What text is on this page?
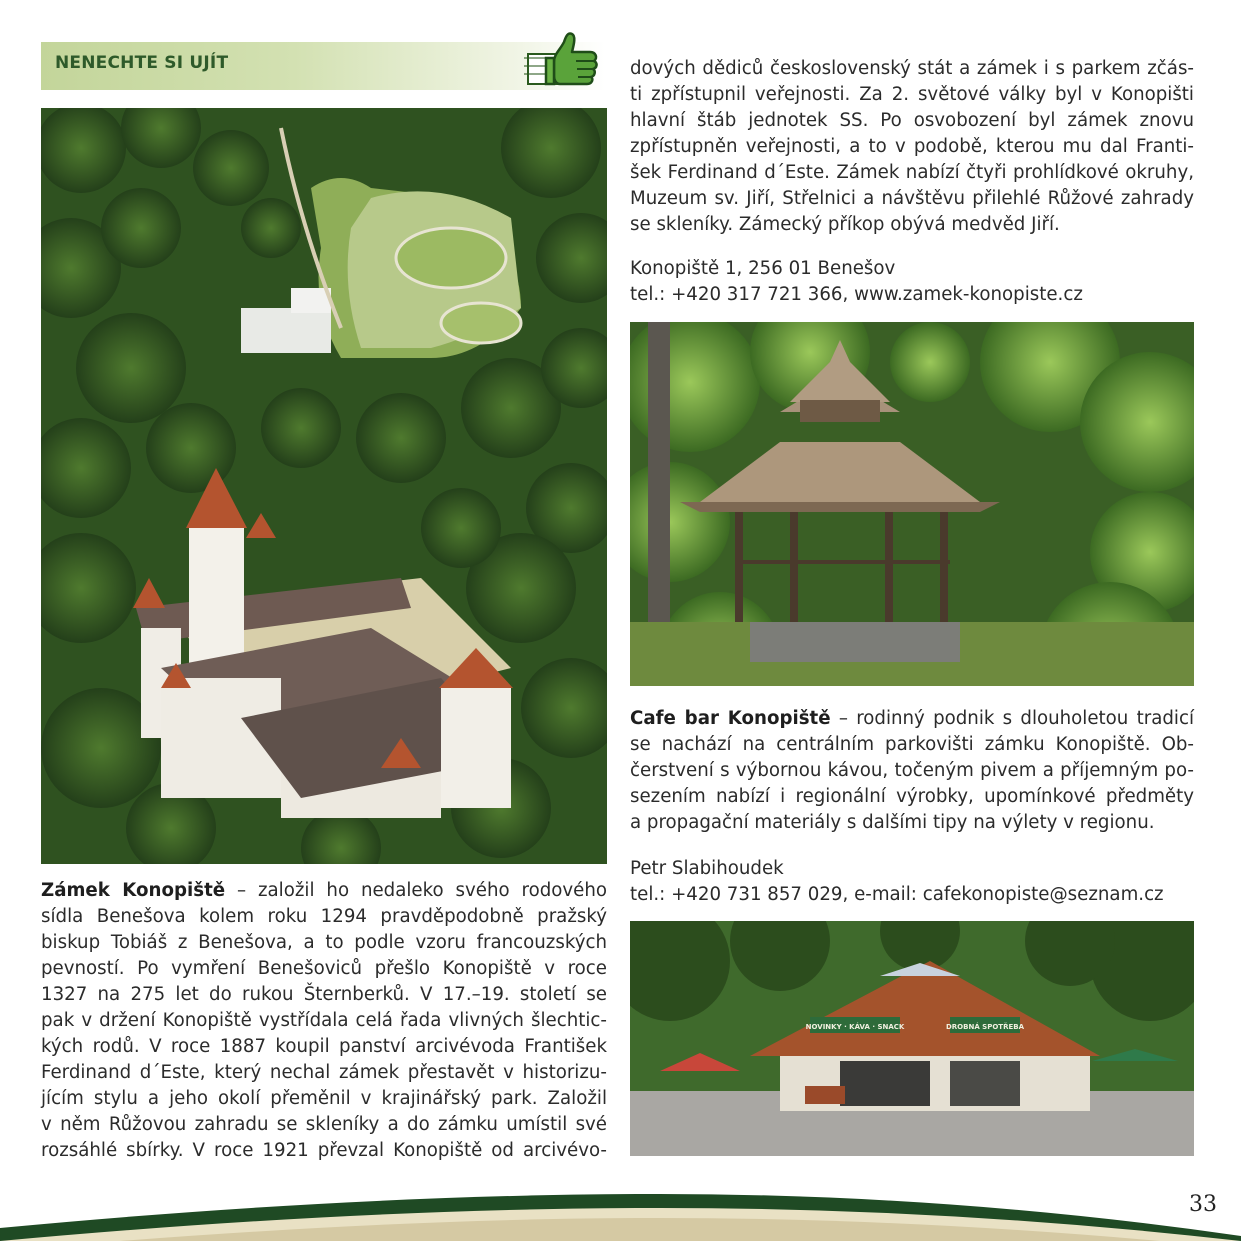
NENECHTE SI UJÍT

Zámek Konopiště – založil ho nedaleko svého rodového
sídla Benešova kolem roku 1294 pravděpodobně pražský
biskup Tobiáš z Benešova, a to podle vzoru francouzských
pevností. Po vymření Benešoviců přešlo Konopiště v roce
1327 na 275 let do rukou Šternberků. V 17.–19. století se
pak v držení Konopiště vystřídala celá řada vlivných šlechtic-
kých rodů. V roce 1887 koupil panství arcivévoda František
Ferdinand d´Este, který nechal zámek přestavět v historizu-
jícím stylu a jeho okolí přeměnil v krajinářský park. Založil
v něm Růžovou zahradu se skleníky a do zámku umístil své
rozsáhlé sbírky. V roce 1921 převzal Konopiště od arcivévo-

dových dědiců československý stát a zámek i s parkem zčás-
ti zpřístupnil veřejnosti. Za 2. světové války byl v Konopišti
hlavní štáb jednotek SS. Po osvobození byl zámek znovu
zpřístupněn veřejnosti, a to v podobě, kterou mu dal Franti-
šek Ferdinand d´Este. Zámek nabízí čtyři prohlídkové okruhy,
Muzeum sv. Jiří, Střelnici a návštěvu přilehlé Růžové zahrady
se skleníky. Zámecký příkop obývá medvěd Jiří.

Konopiště 1, 256 01 Benešov
tel.: +420 317 721 366, www.zamek-konopiste.cz

Cafe bar Konopiště – rodinný podnik s dlouholetou tradicí
se nachází na centrálním parkovišti zámku Konopiště. Ob-
čerstvení s výbornou kávou, točeným pivem a příjemným po-
sezením nabízí i regionální výrobky, upomínkové předměty
a propagační materiály s dalšími tipy na výlety v regionu.

Petr Slabihoudek
tel.: +420 731 857 029, e-mail: cafekonopiste@seznam.cz
NOVINKY · KÁVA · SNACK	DROBNÁ SPOTŘEBA
33
